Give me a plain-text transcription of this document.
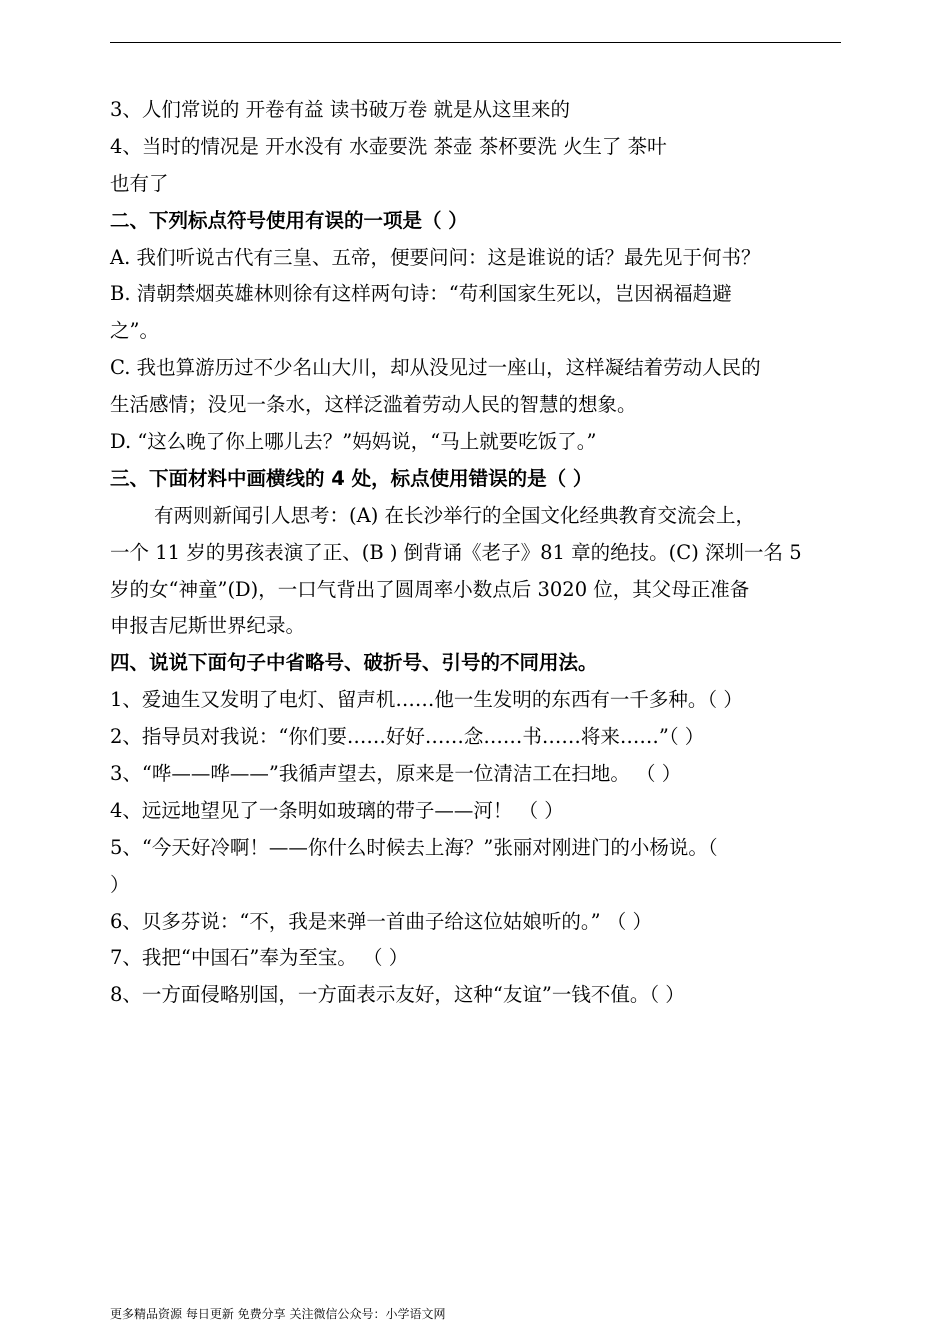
3、人们常说的 开卷有益 读书破万卷 就是从这里来的
4、当时的情况是 开水没有 水壶要洗 茶壶 茶杯要洗 火生了 茶叶
也有了
二、下列标点符号使用有误的一项是（ ）
A. 我们听说古代有三皇、五帝，便要问问：这是谁说的话？最先见于何书？
B. 清朝禁烟英雄林则徐有这样两句诗：“苟利国家生死以，岂因祸福趋避
之”。
C. 我也算游历过不少名山大川，却从没见过一座山，这样凝结着劳动人民的
生活感情；没见一条水，这样泛滥着劳动人民的智慧的想象。
D. “这么晚了你上哪儿去？”妈妈说，“马上就要吃饭了。”
三、下面材料中画横线的 4 处，标点使用错误的是（ ）
有两则新闻引人思考：(A) 在长沙举行的全国文化经典教育交流会上，
一个 11 岁的男孩表演了正、(B ) 倒背诵《老子》81 章的绝技。(C) 深圳一名 5
岁的女“神童”(D)，一口气背出了圆周率小数点后 3020 位，其父母正准备
申报吉尼斯世界纪录。
四、说说下面句子中省略号、破折号、引号的不同用法。
1、爱迪生又发明了电灯、留声机……他一生发明的东西有一千多种。（ ）
2、指导员对我说：“你们要……好好……念……书……将来……”（ ）
3、“哗——哗——”我循声望去，原来是一位清洁工在扫地。 （ ）
4、远远地望见了一条明如玻璃的带子——河！ （ ）
5、“今天好冷啊！——你什么时候去上海？”张丽对刚进门的小杨说。（
）
6、贝多芬说：“不，我是来弹一首曲子给这位姑娘听的。” （ ）
7、我把“中国石”奉为至宝。 （ ）
8、一方面侵略别国，一方面表示友好，这种“友谊”一钱不值。（ ）
更多精品资源 每日更新 免费分享 关注微信公众号：小学语文网
